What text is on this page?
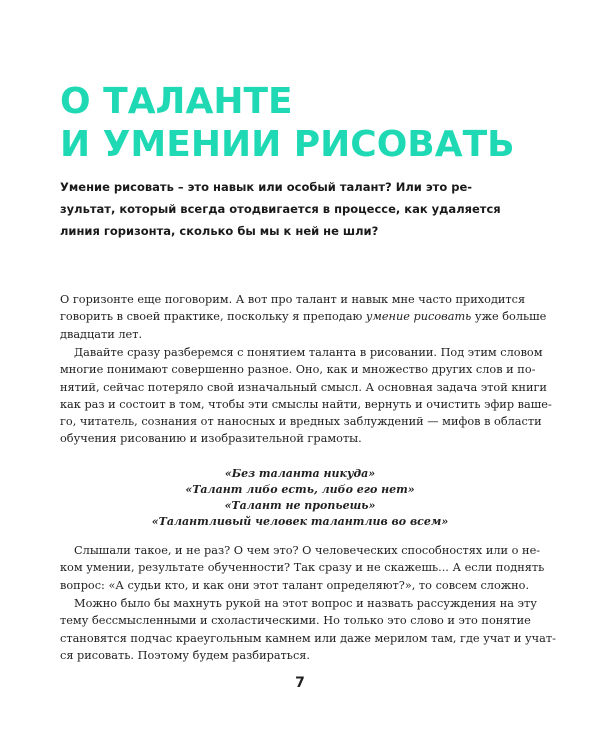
О ТАЛАНТЕ
И УМЕНИИ РИСОВАТЬ
Умение рисовать – это навык или особый талант? Или это ре-
зультат, который всегда отодвигается в процессе, как удаляется
линия горизонта, сколько бы мы к ней не шли?
О горизонте еще поговорим. А вот про талант и навык мне часто приходится
говорить в своей практике, поскольку я преподаю умение рисовать уже больше
двадцати лет.
Давайте сразу разберемся с понятием таланта в рисовании. Под этим словом
многие понимают совершенно разное. Оно, как и множество других слов и по-
нятий, сейчас потеряло свой изначальный смысл. А основная задача этой книги
как раз и состоит в том, чтобы эти смыслы найти, вернуть и очистить эфир ваше-
го, читатель, сознания от наносных и вредных заблуждений — мифов в области
обучения рисованию и изобразительной грамоты.
«Без таланта никуда»
«Талант либо есть, либо его нет»
«Талант не пропьешь»
«Талантливый человек талантлив во всем»
Слышали такое, и не раз? О чем это? О человеческих способностях или о не-
ком умении, результате обученности? Так сразу и не скажешь... А если поднять
вопрос: «А судьи кто, и как они этот талант определяют?», то совсем сложно.
Можно было бы махнуть рукой на этот вопрос и назвать рассуждения на эту
тему бессмысленными и схоластическими. Но только это слово и это понятие
становятся подчас краеугольным камнем или даже мерилом там, где учат и учат-
ся рисовать. Поэтому будем разбираться.
7
